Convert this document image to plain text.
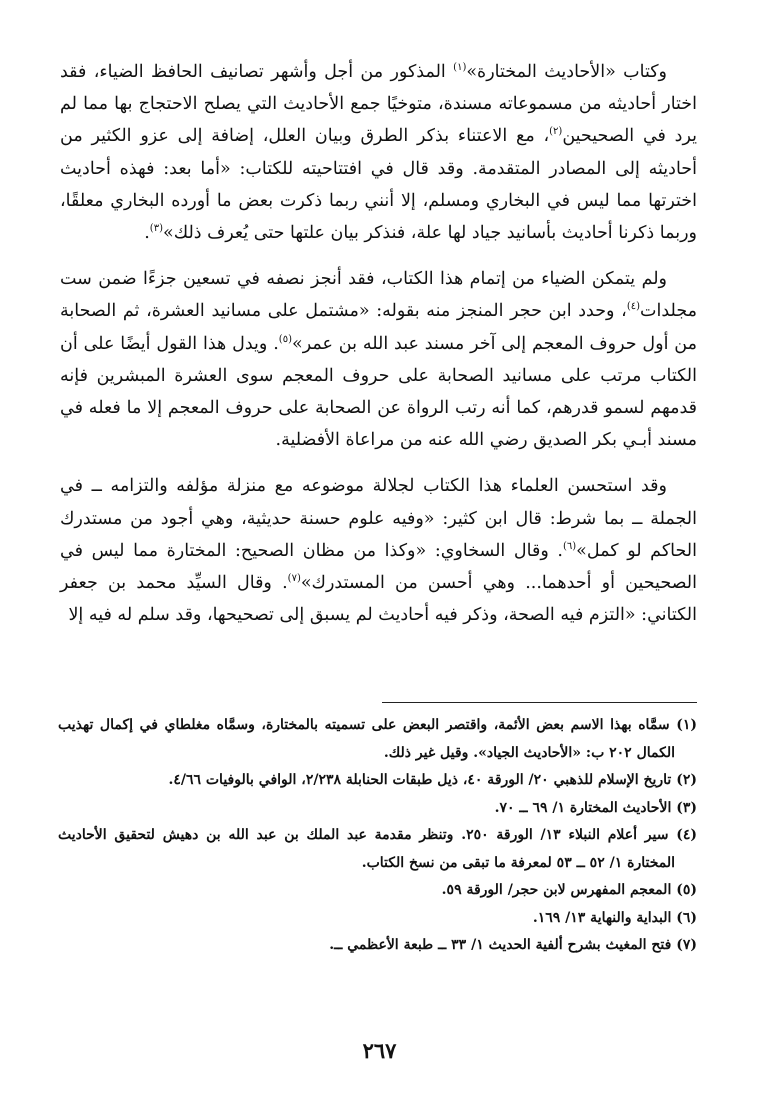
وكتاب «الأحاديث المختارة»$^{(١)}$ المذكور من أجل وأشهر تصانيف الحافظ الضياء، فقد اختار أحاديثه من مسموعاته مسندة، متوخيًا جمع الأحاديث التي يصلح الاحتجاج بها مما لم يرد في الصحيحين$^{(٢)}$، مع الاعتناء بذكر الطرق وبيان العلل، إضافة إلى عزو الكثير من أحاديثه إلى المصادر المتقدمة. وقد قال في افتتاحيته للكتاب: «أما بعد: فهذه أحاديث اخترتها مما ليس في البخاري ومسلم، إلا أنني ربما ذكرت بعض ما أورده البخاري معلقًا، وربما ذكرنا أحاديث بأسانيد جياد لها علة، فنذكر بيان علتها حتى يُعرف ذلك»$^{(٣)}$.

ولم يتمكن الضياء من إتمام هذا الكتاب، فقد أنجز نصفه في تسعين جزءًا ضمن ست مجلدات$^{(٤)}$، وحدد ابن حجر المنجز منه بقوله: «مشتمل على مسانيد العشرة، ثم الصحابة من أول حروف المعجم إلى آخر مسند عبد الله بن عمر»$^{(٥)}$. ويدل هذا القول أيضًا على أن الكتاب مرتب على مسانيد الصحابة على حروف المعجم سوى العشرة المبشرين فإنه قدمهم لسمو قدرهم، كما أنه رتب الرواة عن الصحابة على حروف المعجم إلا ما فعله في مسند أبـي بكر الصديق رضي الله عنه من مراعاة الأفضلية.

وقد استحسن العلماء هذا الكتاب لجلالة موضوعه مع منزلة مؤلفه والتزامه ــ في الجملة ــ بما شرط: قال ابن كثير: «وفيه علوم حسنة حديثية، وهي أجود من مستدرك الحاكم لو كمل»$^{(٦)}$. وقال السخاوي: «وكذا من مظان الصحيح: المختارة مما ليس في الصحيحين أو أحدهما... وهي أحسن من المستدرك»$^{(٧)}$. وقال السيِّد محمد بن جعفر الكتاني: «التزم فيه الصحة، وذكر فيه أحاديث لم يسبق إلى تصحيحها، وقد سلم له فيه إلا

(١) سمَّاه بهذا الاسم بعض الأئمة، واقتصر البعض على تسميته بالمختارة، وسمَّاه مغلطاي في إكمال تهذيب الكمال ٢٠٢ ب: «الأحاديث الجياد». وقيل غير ذلك.

(٢) تاريخ الإسلام للذهبي ٢٠/ الورقة ٤٠، ذيل طبقات الحنابلة ٢/٢٣٨، الوافي بالوفيات ٤/٦٦.

(٣) الأحاديث المختارة ١/ ٦٩ ــ ٧٠.

(٤) سير أعلام النبلاء ١٣/ الورقة ٢٥٠. وتنظر مقدمة عبد الملك بن عبد الله بن دهيش لتحقيق الأحاديث المختارة ١/ ٥٢ ــ ٥٣ لمعرفة ما تبقى من نسخ الكتاب.

(٥) المعجم المفهرس لابن حجر/ الورقة ٥٩.

(٦) البداية والنهاية ١٣/ ١٦٩.

(٧) فتح المغيث بشرح ألفية الحديث ١/ ٣٣ ــ طبعة الأعظمي ــ.

٢٦٧
